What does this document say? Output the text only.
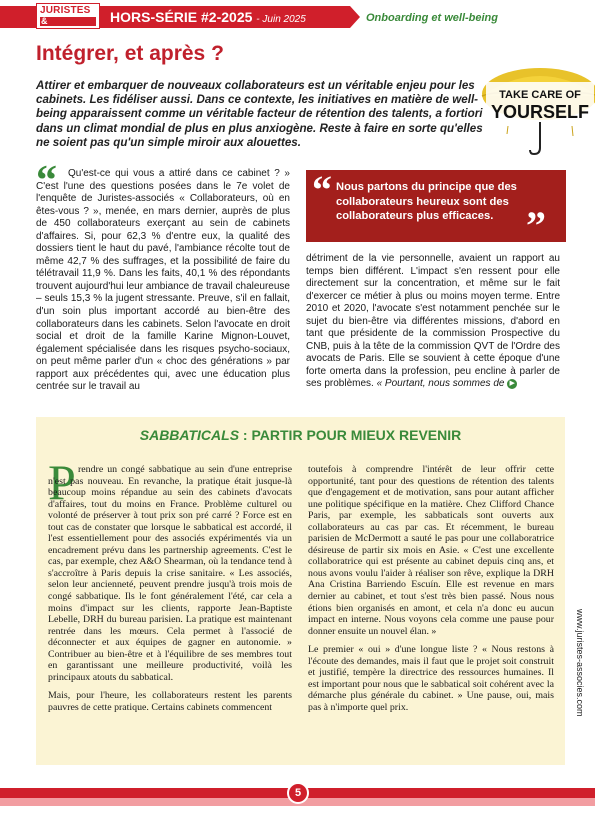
JURISTES
&	HORS-SÉRIE #2-2025 - Juin 2025	Onboarding et well-being
Intégrer, et après ?

Attirer et embarquer de nouveaux collaborateurs est un véritable enjeu pour les cabinets. Les fidéliser aussi. Dans ce contexte, les initiatives en matière de well-being apparaissent comme un véritable facteur de rétention des talents, a fortiori dans un climat mondial de plus en plus anxiogène. Reste à faire en sorte qu'elles ne soient pas qu'un simple miroir aux alouettes.

TAKE CARE OF
YOURSELF
“	Qu'est-ce qui vous a attiré dans ce cabinet ? » C'est l'une des questions posées dans le 7e volet de l'enquête de Juristes-associés « Collaborateurs, où en êtes-vous ? », menée, en mars dernier, auprès de plus de 450 collaborateurs exerçant au sein de cabinets d'affaires. Si, pour 62,3 % d'entre eux, la qualité des dossiers tient le haut du pavé, l'ambiance récolte tout de même 42,7 % des suffrages, et la possibilité de faire du télétravail 11,9 %. Dans les faits, 40,1 % des répondants trouvent aujourd'hui leur ambiance de travail chaleureuse – seuls 15,3 % la jugent stressante. Preuve, s'il en fallait, d'un soin plus important accordé au bien-être des collaborateurs dans les cabinets. Selon l'avocate en droit social et droit de la famille Karine Mignon-Louvet, également spécialisée dans les risques psycho-sociaux, on peut même parler d'un « choc des générations » par rapport aux précédentes qui, avec une éducation plus centrée sur le travail au

“ Nous partons du principe que des collaborateurs heureux sont des collaborateurs plus efficaces. ”

détriment de la vie personnelle, avaient un rapport au temps bien différent. L'impact s'en ressent pour elle directement sur la concentration, et même sur le fait d'exercer ce métier à plus ou moins moyen terme. Entre 2010 et 2020, l'avocate s'est notamment penchée sur le sujet du bien-être via différentes missions, d'abord en tant que présidente de la commission Prospective du CNB, puis à la tête de la commission QVT de l'Ordre des avocats de Paris. Elle se souvient à cette époque d'une forte omerta dans la profession, peu encline à parler de ses problèmes. « Pourtant, nous sommes de ▶

SABBATICALS : PARTIR POUR MIEUX REVENIR
P rendre un congé sabbatique au sein d'une entreprise n'est pas nouveau. En revanche, la pratique était jusque-là beaucoup moins répandue au sein des cabinets d'avocats d'affaires, tout du moins en France. Problème culturel ou volonté de préserver à tout prix son pré carré ? Force est en tout cas de constater que lorsque le sabbatical est accordé, il l'est essentiellement pour des associés expérimentés via un encadrement prévu dans les partnership agreements. C'est le cas, par exemple, chez A&O Shearman, où la tendance tend à s'accroître à Paris depuis la crise sanitaire. « Les associés, selon leur ancienneté, peuvent prendre jusqu'à trois mois de congé sabbatique. Ils le font généralement l'été, car cela a moins d'impact sur les clients, rapporte Jean-Baptiste Lebelle, DRH du bureau parisien. La pratique est maintenant rentrée dans les mœurs. Cela permet à l'associé de déconnecter et aux équipes de gagner en autonomie. » Contribuer au bien-être et à l'équilibre de ses membres tout en garantissant une meilleure productivité, voilà les principaux atouts du sabbatical.

Mais, pour l'heure, les collaborateurs restent les parents pauvres de cette pratique. Certains cabinets commencent

toutefois à comprendre l'intérêt de leur offrir cette opportunité, tant pour des questions de rétention des talents que d'engagement et de motivation, sans pour autant afficher une politique spécifique en la matière. Chez Clifford Chance Paris, par exemple, les sabbaticals sont ouverts aux collaborateurs au cas par cas. Et récemment, le bureau parisien de McDermott a sauté le pas pour une collaboratrice désireuse de partir six mois en Asie. « C'est une excellente collaboratrice qui est présente au cabinet depuis cinq ans, et nous avons voulu l'aider à réaliser son rêve, explique la DRH Ana Cristina Barriendo Escuín. Elle est revenue en mars dernier au cabinet, et tout s'est très bien passé. Nous nous étions bien organisés en amont, et cela n'a donc eu aucun impact en interne. Nous voyons cela comme une pause pour donner ensuite un nouvel élan. »

Le premier « oui » d'une longue liste ? « Nous restons à l'écoute des demandes, mais il faut que le projet soit construit et justifié, tempère la directrice des ressources humaines. Il est important pour nous que le sabbatical soit cohérent avec la démarche plus générale du cabinet. » Une pause, oui, mais pas à n'importe quel prix.	www.juristes-associes.com
5
